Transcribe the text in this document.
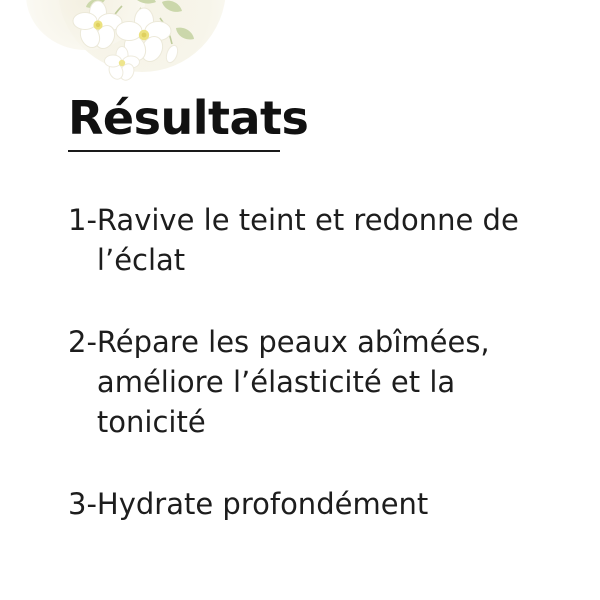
Résultats
1- Ravive le teint et redonne de l’éclat
2- Répare les peaux abîmées, améliore l’élasticité et la tonicité
3- Hydrate profondément
